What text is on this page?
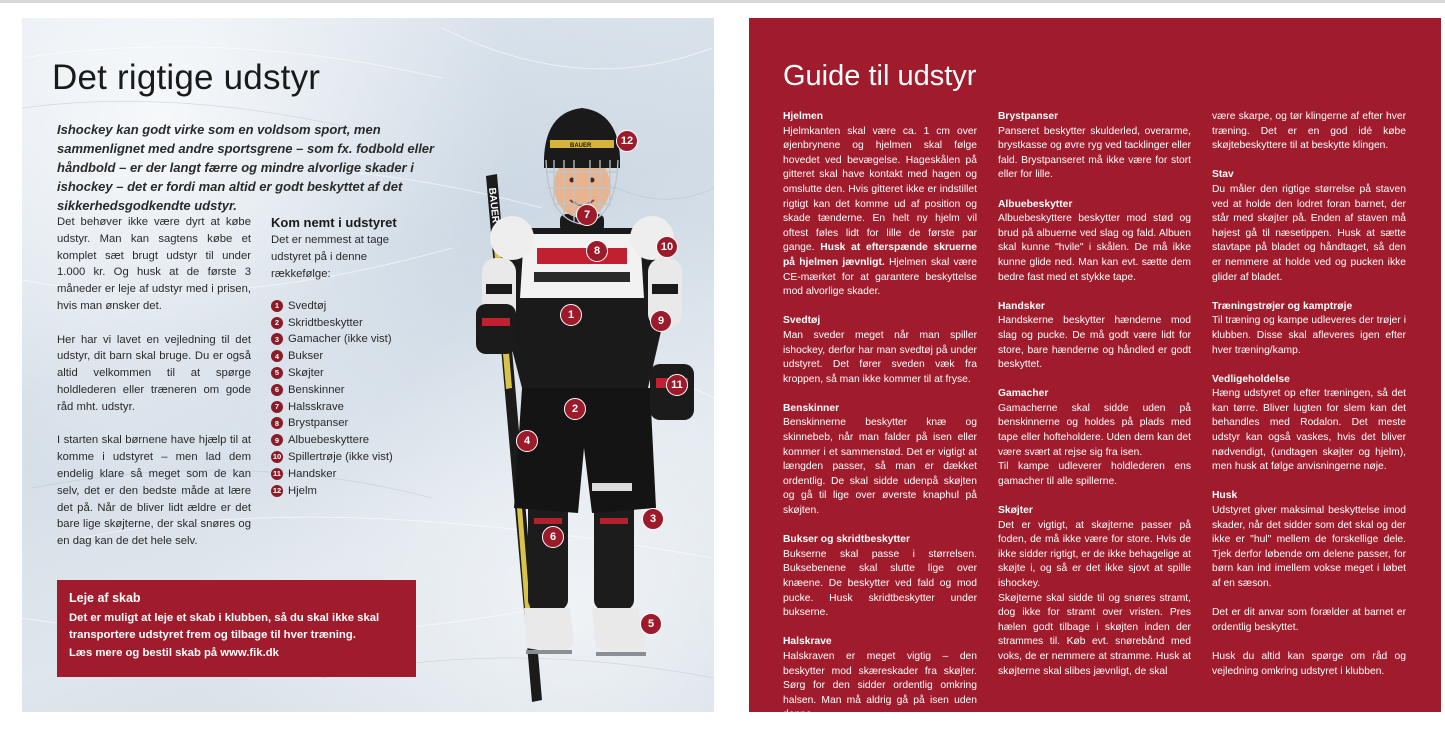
Det rigtige udstyr

Ishockey kan godt virke som en voldsom sport, men sammenlignet med andre sportsgrene – som fx. fodbold eller håndbold – er der langt færre og mindre alvorlige skader i ishockey – det er fordi man altid er godt beskyttet af det sikkerhedsgodkendte udstyr.

Det behøver ikke være dyrt at købe udstyr. Man kan sagtens købe et komplet sæt brugt udstyr til under 1.000 kr. Og husk at de første 3 måneder er leje af udstyr med i prisen, hvis man ønsker det.

Her har vi lavet en vejledning til det udstyr, dit barn skal bruge. Du er også altid velkommen til at spørge holdlederen eller træneren om gode råd mht. udstyr.

I starten skal børnene have hjælp til at komme i udstyret – men lad dem endelig klare så meget som de kan selv, det er den bedste måde at lære det på. Når de bliver lidt ældre er det bare lige skøjterne, der skal snøres og en dag kan de det hele selv.

Kom nemt i udstyret
Det er nemmest at tage udstyret på i denne rækkefølge:
1 Svedtøj
2 Skridtbeskytter
3 Gamacher (ikke vist)
4 Bukser
5 Skøjter
6 Benskinner
7 Halsskrave
8 Brystpanser
9 Albuebeskyttere
10 Spillertrøje (ikke vist)
11 Handsker
12 Hjelm
Leje af skab
Det er muligt at leje et skab i klubben, så du skal ikke skal transportere udstyret frem og tilbage til hver træning.
Læs mere og bestil skab på www.fik.dk
BAUER
BAUER	12
7
8	10
1	9
11
2
4
3
6
5
Guide til udstyr
Hjelmen

Hjelmkanten skal være ca. 1 cm over øjenbrynene og hjelmen skal følge hovedet ved bevægelse. Hageskålen på gitteret skal have kontakt med hagen og omslutte den. Hvis gitteret ikke er indstillet rigtigt kan det komme ud af position og skade tænderne. En helt ny hjelm vil oftest føles lidt for lille de første par gange. Husk at efterspænde skruerne på hjelmen jævnligt. Hjelmen skal være CE-mærket for at garantere beskyttelse mod alvorlige skader.

Svedtøj

Man sveder meget når man spiller ishockey, derfor har man svedtøj på under udstyret. Det fører sveden væk fra kroppen, så man ikke kommer til at fryse.

Benskinner

Benskinnerne beskytter knæ og skinnebeb, når man falder på isen eller kommer i et sammenstød. Det er vigtigt at længden passer, så man er dækket ordentlig. De skal sidde udenpå skøjten og gå til lige over øverste knaphul på skøjten.

Bukser og skridtbeskytter

Bukserne skal passe i størrelsen. Buksebenene skal slutte lige over knæene. De beskytter ved fald og mod pucke. Husk skridtbeskytter under bukserne.

Halskrave

Halskraven er meget vigtig – den beskytter mod skæreskader fra skøjter. Sørg for den sidder ordentlig omkring halsen. Man må aldrig gå på isen uden denne.

Brystpanser

Panseret beskytter skulderled, overarme, brystkasse og øvre ryg ved tacklinger eller fald. Brystpanseret må ikke være for stort eller for lille.

Albuebeskytter

Albuebeskyttere beskytter mod stød og brud på albuerne ved slag og fald. Albuen skal kunne "hvile" i skålen. De må ikke kunne glide ned. Man kan evt. sætte dem bedre fast med et stykke tape.

Handsker

Handskerne beskytter hænderne mod slag og pucke. De må godt være lidt for store, bare hænderne og håndled er godt beskyttet.

Gamacher

Gamacherne skal sidde uden på benskinnerne og holdes på plads med tape eller hofteholdere. Uden dem kan det være svært at rejse sig fra isen.

Til kampe udleverer holdlederen ens gamacher til alle spillerne.

Skøjter

Det er vigtigt, at skøjterne passer på foden, de må ikke være for store. Hvis de ikke sidder rigtigt, er de ikke behagelige at skøjte i, og så er det ikke sjovt at spille ishockey.

Skøjterne skal sidde til og snøres stramt, dog ikke for stramt over vristen. Pres hælen godt tilbage i skøjten inden der strammes til. Køb evt. snørebånd med voks, de er nemmere at stramme. Husk at skøjterne skal slibes jævnligt, de skal

være skarpe, og tør klingerne af efter hver træning. Det er en god idé købe skøjtebeskyttere til at beskytte klingen.

Stav

Du måler den rigtige størrelse på staven ved at holde den lodret foran barnet, der står med skøjter på. Enden af staven må højest gå til næsetippen. Husk at sætte stavtape på bladet og håndtaget, så den er nemmere at holde ved og pucken ikke glider af bladet.

Træningstrøjer og kamptrøje

Til træning og kampe udleveres der trøjer i klubben. Disse skal afleveres igen efter hver træning/kamp.

Vedligeholdelse

Hæng udstyret op efter træningen, så det kan tørre. Bliver lugten for slem kan det behandles med Rodalon. Det meste udstyr kan også vaskes, hvis det bliver nødvendigt, (undtagen skøjter og hjelm), men husk at følge anvisningerne nøje.

Husk

Udstyret giver maksimal beskyttelse imod skader, når det sidder som det skal og der ikke er "hul" mellem de forskellige dele. Tjek derfor løbende om delene passer, for børn kan ind imellem vokse meget i løbet af en sæson.

Det er dit anvar som forælder at barnet er ordentlig beskyttet.

Husk du altid kan spørge om råd og vejledning omkring udstyret i klubben.
